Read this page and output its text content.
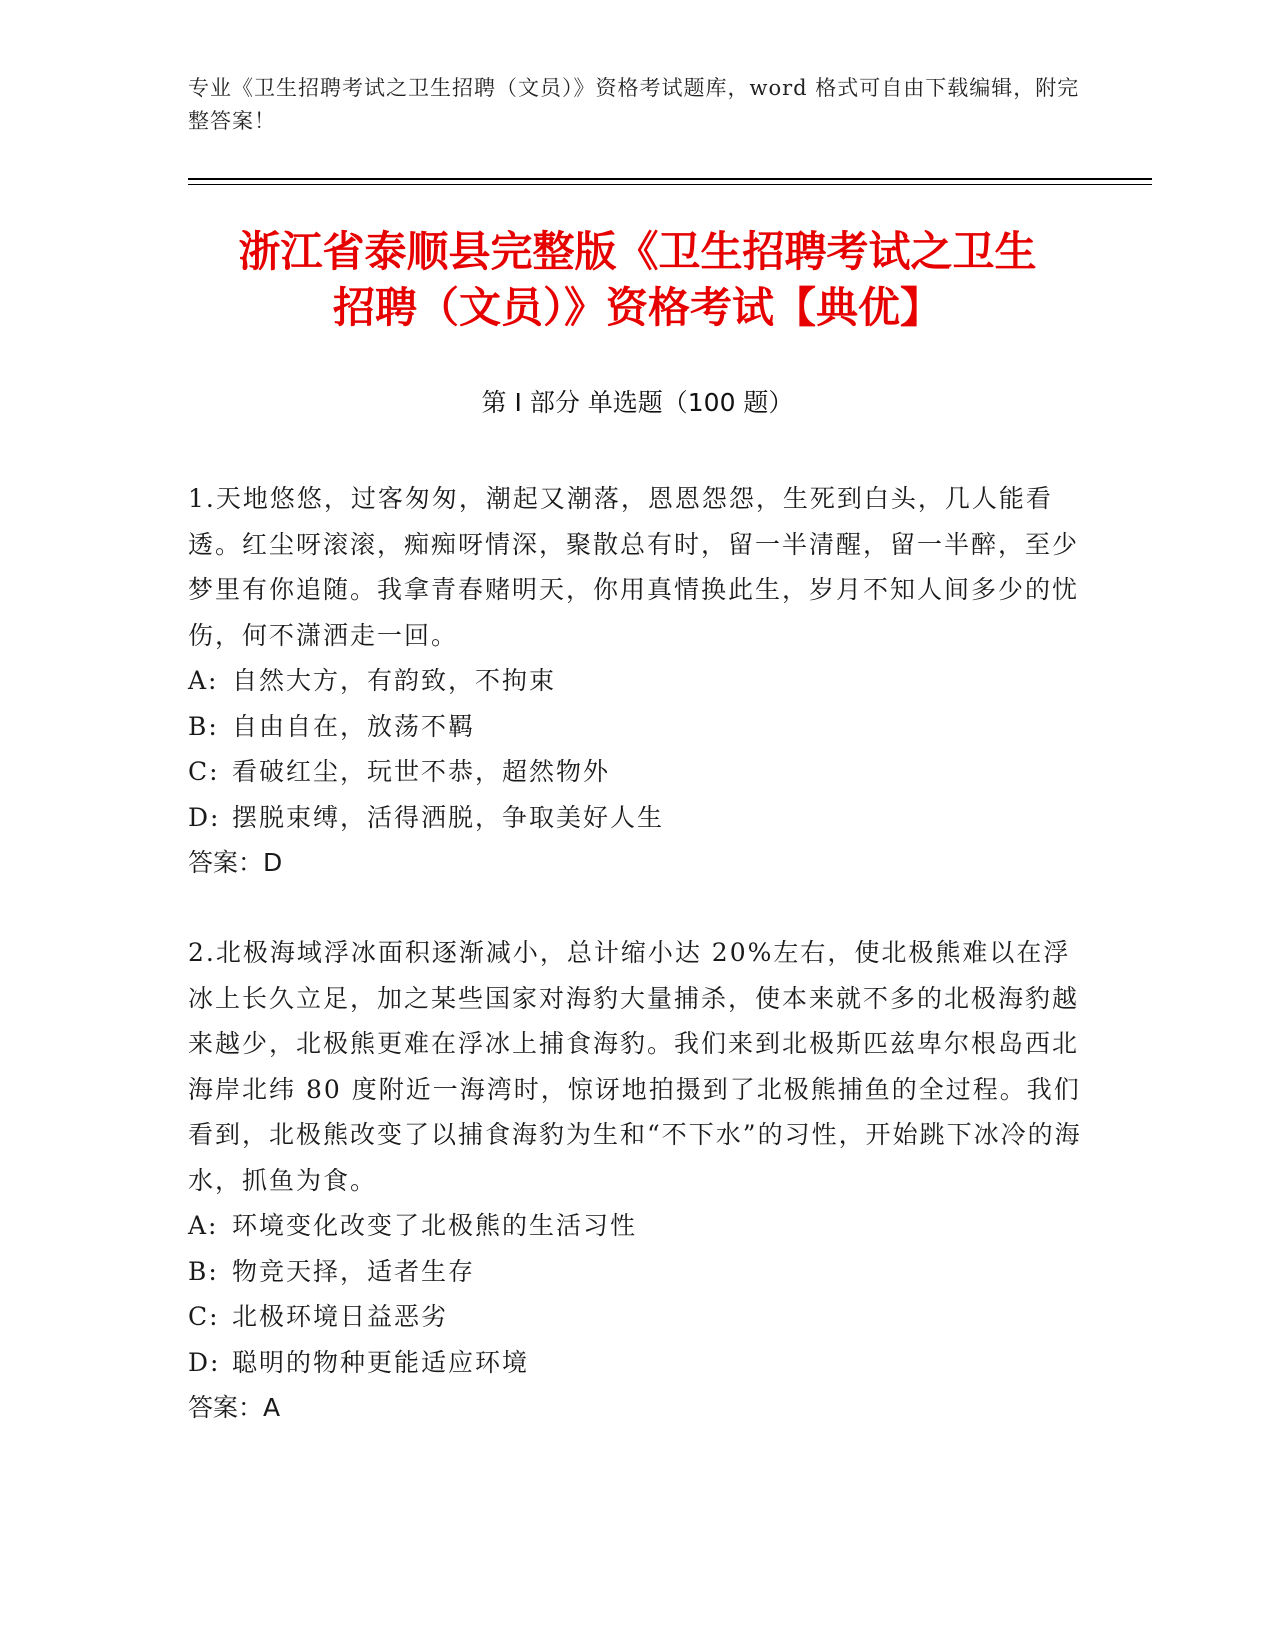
专业《卫生招聘考试之卫生招聘（文员）》资格考试题库，word 格式可自由下载编辑，附完整答案！
浙江省泰顺县完整版《卫生招聘考试之卫生
招聘（文员）》资格考试【典优】
第 I 部分 单选题（100 题）

1.天地悠悠，过客匆匆，潮起又潮落，恩恩怨怨，生死到白头，几人能看透。红尘呀滚滚，痴痴呀情深，聚散总有时，留一半清醒，留一半醉，至少梦里有你追随。我拿青春赌明天，你用真情换此生，岁月不知人间多少的忧伤，何不潇洒走一回。

A: 自然大方，有韵致，不拘束

B: 自由自在，放荡不羁

C: 看破红尘，玩世不恭，超然物外

D: 摆脱束缚，活得洒脱，争取美好人生

答案：D

2.北极海域浮冰面积逐渐减小，总计缩小达 20%左右，使北极熊难以在浮冰上长久立足，加之某些国家对海豹大量捕杀，使本来就不多的北极海豹越来越少，北极熊更难在浮冰上捕食海豹。我们来到北极斯匹兹卑尔根岛西北海岸北纬 80 度附近一海湾时，惊讶地拍摄到了北极熊捕鱼的全过程。我们看到，北极熊改变了以捕食海豹为生和“不下水”的习性，开始跳下冰冷的海水，抓鱼为食。

A: 环境变化改变了北极熊的生活习性

B: 物竞天择，适者生存

C: 北极环境日益恶劣

D: 聪明的物种更能适应环境

答案：A
